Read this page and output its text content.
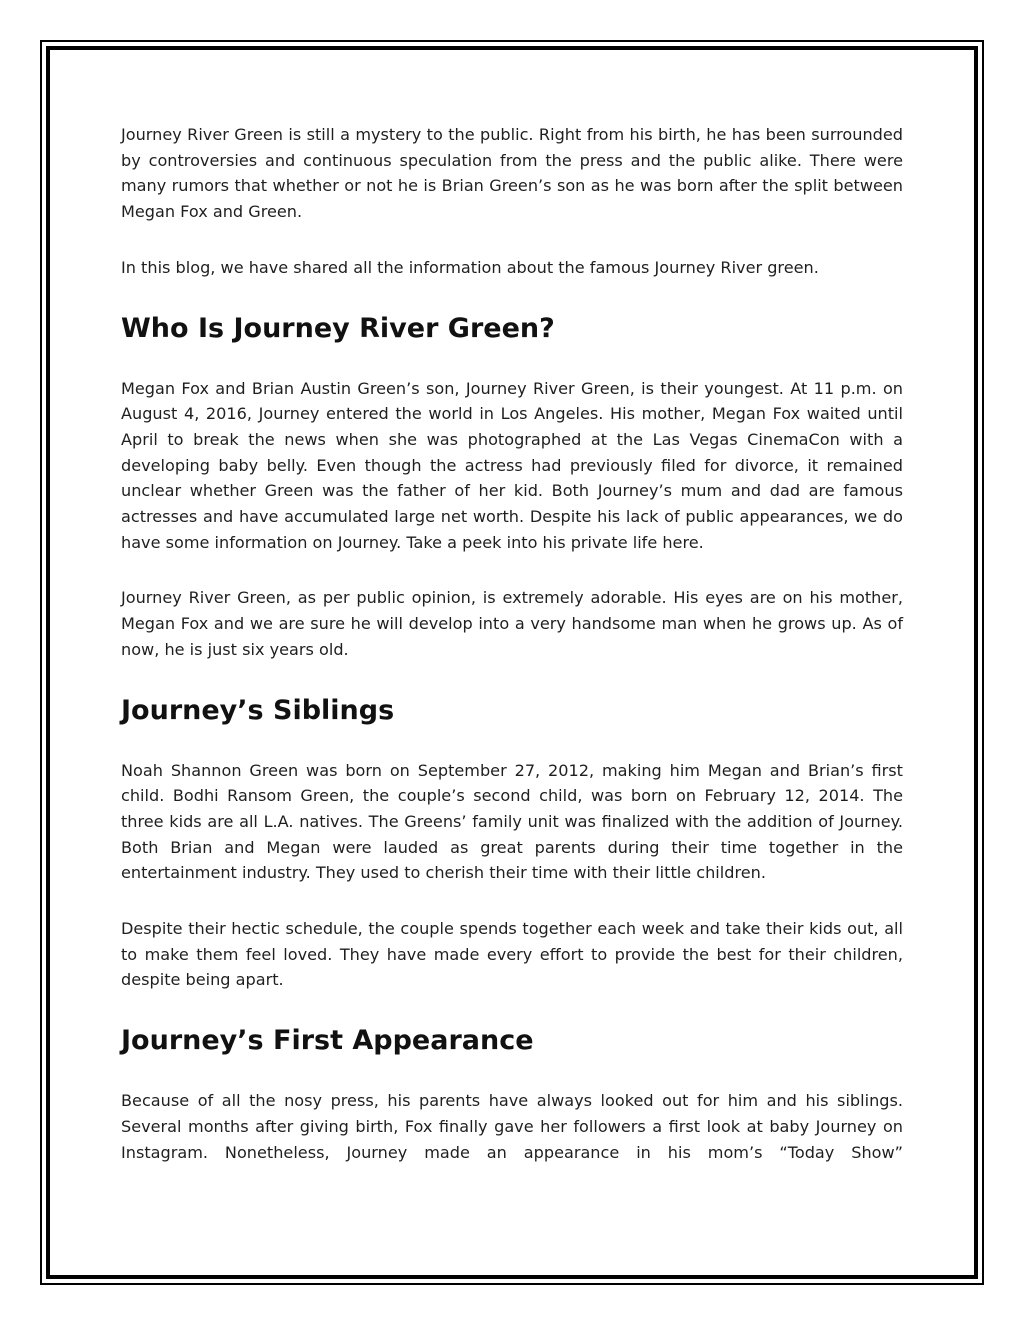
Journey River Green is still a mystery to the public. Right from his birth, he has been surrounded by controversies and continuous speculation from the press and the public alike. There were many rumors that whether or not he is Brian Green’s son as he was born after the split between Megan Fox and Green.

In this blog, we have shared all the information about the famous Journey River green.

Who Is Journey River Green?

Megan Fox and Brian Austin Green’s son, Journey River Green, is their youngest. At 11 p.m. on August 4, 2016, Journey entered the world in Los Angeles. His mother, Megan Fox waited until April to break the news when she was photographed at the Las Vegas CinemaCon with a developing baby belly. Even though the actress had previously filed for divorce, it remained unclear whether Green was the father of her kid. Both Journey’s mum and dad are famous actresses and have accumulated large net worth. Despite his lack of public appearances, we do have some information on Journey. Take a peek into his private life here.

Journey River Green, as per public opinion, is extremely adorable. His eyes are on his mother, Megan Fox and we are sure he will develop into a very handsome man when he grows up. As of now, he is just six years old.

Journey’s Siblings

Noah Shannon Green was born on September 27, 2012, making him Megan and Brian’s first child. Bodhi Ransom Green, the couple’s second child, was born on February 12, 2014. The three kids are all L.A. natives. The Greens’ family unit was finalized with the addition of Journey. Both Brian and Megan were lauded as great parents during their time together in the entertainment industry. They used to cherish their time with their little children.

Despite their hectic schedule, the couple spends together each week and take their kids out, all to make them feel loved. They have made every effort to provide the best for their children, despite being apart.

Journey’s First Appearance

Because of all the nosy press, his parents have always looked out for him and his siblings. Several months after giving birth, Fox finally gave her followers a first look at baby Journey on Instagram. Nonetheless, Journey made an appearance in his mom’s “Today Show”
